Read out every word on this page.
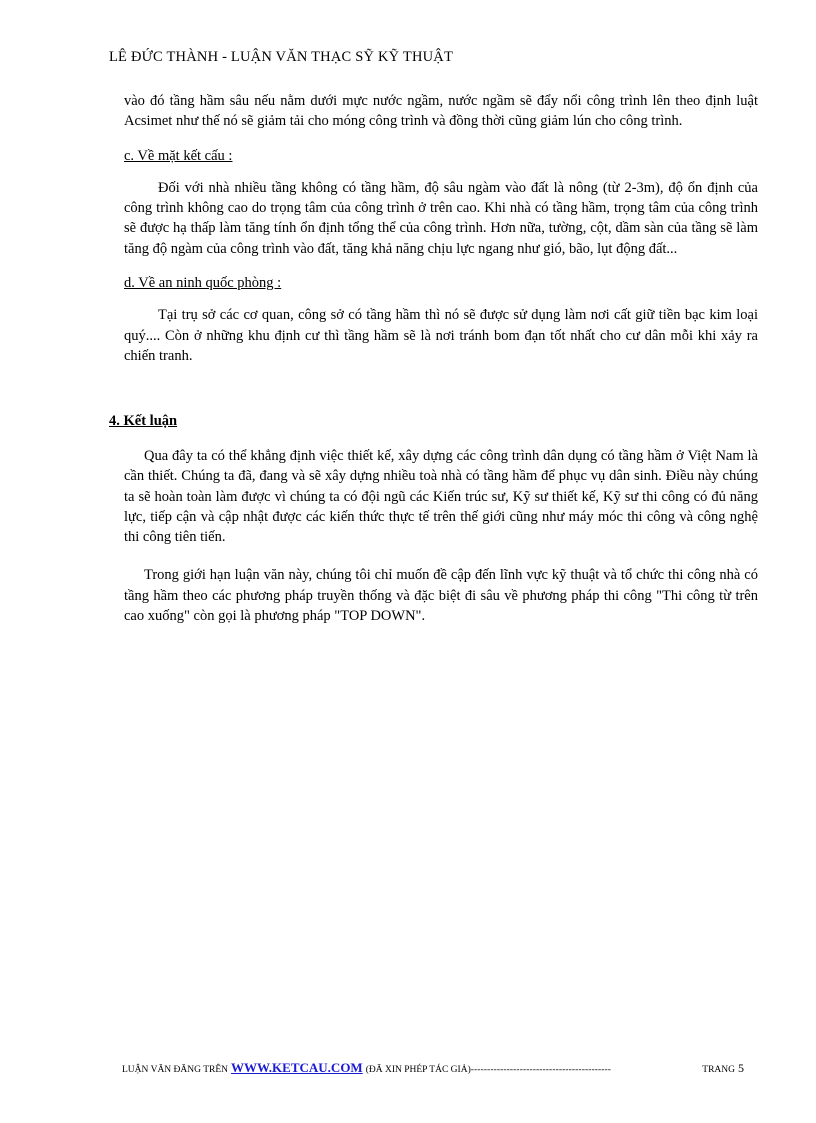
LÊ ĐỨC THÀNH - LUẬN VĂN THẠC SỸ KỸ THUẬT

vào đó tầng hầm sâu nếu nằm dưới mực nước ngầm, nước ngầm sẽ đẩy nổi công trình lên theo định luật Acsimet như thế nó sẽ giảm tải cho móng công trình và đồng thời cũng giảm lún cho công trình.

c. Về mặt kết cấu :

Đối với nhà nhiều tầng không có tầng hầm, độ sâu ngàm vào đất là nông (từ 2-3m), độ ổn định của công trình không cao do trọng tâm của công trình ở trên cao. Khi nhà có tầng hầm, trọng tâm của công trình sẽ được hạ thấp làm tăng tính ổn định tổng thể của công trình. Hơn nữa, tường, cột, dầm sàn của tầng sẽ làm tăng độ ngàm của công trình vào đất, tăng khả năng chịu lực ngang như gió, bão, lụt động đất...

d. Về an ninh quốc phòng :

Tại trụ sở các cơ quan, công sở có tầng hầm thì nó sẽ được sử dụng làm nơi cất giữ tiền bạc kim loại quý.... Còn ở những khu định cư thì tầng hầm sẽ là nơi tránh bom đạn tốt nhất cho cư dân mỗi khi xảy ra chiến tranh.

4. Kết luận

Qua đây ta có thể khẳng định việc thiết kế, xây dựng các công trình dân dụng có tầng hầm ở Việt Nam là cần thiết. Chúng ta đã, đang và sẽ xây dựng nhiều toà nhà có tầng hầm để phục vụ dân sinh. Điều này chúng ta sẽ hoàn toàn làm được vì chúng ta có đội ngũ các Kiến trúc sư, Kỹ sư thiết kế, Kỹ sư thi công có đủ năng lực, tiếp cận và cập nhật được các kiến thức thực tế trên thế giới cũng như máy móc thi công và công nghệ thi công tiên tiến.

Trong giới hạn luận văn này, chúng tôi chỉ muốn đề cập đến lĩnh vực kỹ thuật và tổ chức thi công nhà có tầng hầm theo các phương pháp truyền thống và đặc biệt đi sâu về phương pháp thi công "Thi công từ trên cao xuống" còn gọi là phương pháp "TOP DOWN".

LUẬN VĂN ĐĂNG TRÊN WWW.KETCAU.COM (ĐÃ XIN PHÉP TÁC GIẢ) -------------------------------------------	TRANG 5
